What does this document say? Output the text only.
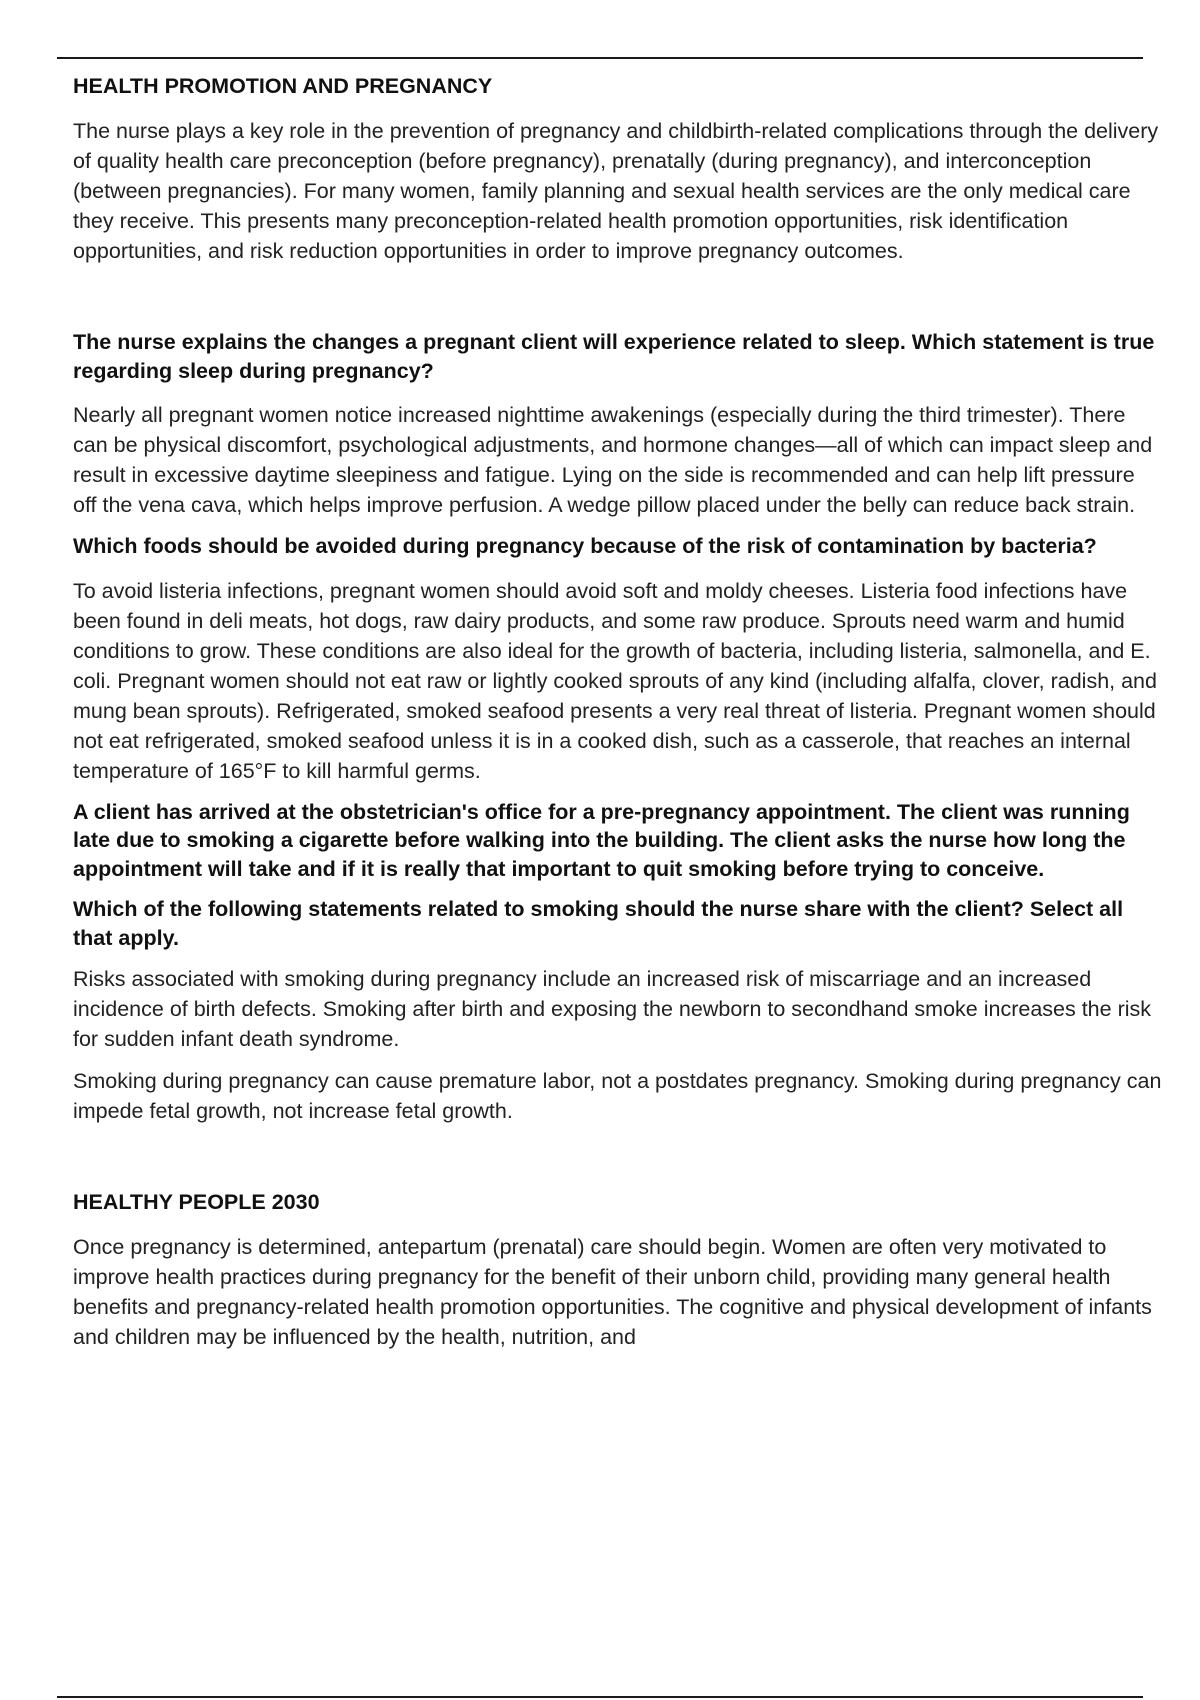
HEALTH PROMOTION AND PREGNANCY

The nurse plays a key role in the prevention of pregnancy and childbirth-related complications through the delivery of quality health care preconception (before pregnancy), prenatally (during pregnancy), and interconception (between pregnancies). For many women, family planning and sexual health services are the only medical care they receive. This presents many preconception-related health promotion opportunities, risk identification opportunities, and risk reduction opportunities in order to improve pregnancy outcomes.

The nurse explains the changes a pregnant client will experience related to sleep. Which statement is true regarding sleep during pregnancy?

Nearly all pregnant women notice increased nighttime awakenings (especially during the third trimester). There can be physical discomfort, psychological adjustments, and hormone changes—all of which can impact sleep and result in excessive daytime sleepiness and fatigue. Lying on the side is recommended and can help lift pressure off the vena cava, which helps improve perfusion. A wedge pillow placed under the belly can reduce back strain.

Which foods should be avoided during pregnancy because of the risk of contamination by bacteria?

To avoid listeria infections, pregnant women should avoid soft and moldy cheeses. Listeria food infections have been found in deli meats, hot dogs, raw dairy products, and some raw produce. Sprouts need warm and humid conditions to grow. These conditions are also ideal for the growth of bacteria, including listeria, salmonella, and E. coli. Pregnant women should not eat raw or lightly cooked sprouts of any kind (including alfalfa, clover, radish, and mung bean sprouts). Refrigerated, smoked seafood presents a very real threat of listeria. Pregnant women should not eat refrigerated, smoked seafood unless it is in a cooked dish, such as a casserole, that reaches an internal temperature of 165°F to kill harmful germs.

A client has arrived at the obstetrician's office for a pre-pregnancy appointment. The client was running late due to smoking a cigarette before walking into the building. The client asks the nurse how long the appointment will take and if it is really that important to quit smoking before trying to conceive.

Which of the following statements related to smoking should the nurse share with the client? Select all that apply.

Risks associated with smoking during pregnancy include an increased risk of miscarriage and an increased incidence of birth defects. Smoking after birth and exposing the newborn to secondhand smoke increases the risk for sudden infant death syndrome.

Smoking during pregnancy can cause premature labor, not a postdates pregnancy. Smoking during pregnancy can impede fetal growth, not increase fetal growth.

HEALTHY PEOPLE 2030

Once pregnancy is determined, antepartum (prenatal) care should begin. Women are often very motivated to improve health practices during pregnancy for the benefit of their unborn child, providing many general health benefits and pregnancy-related health promotion opportunities. The cognitive and physical development of infants and children may be influenced by the health, nutrition, and
